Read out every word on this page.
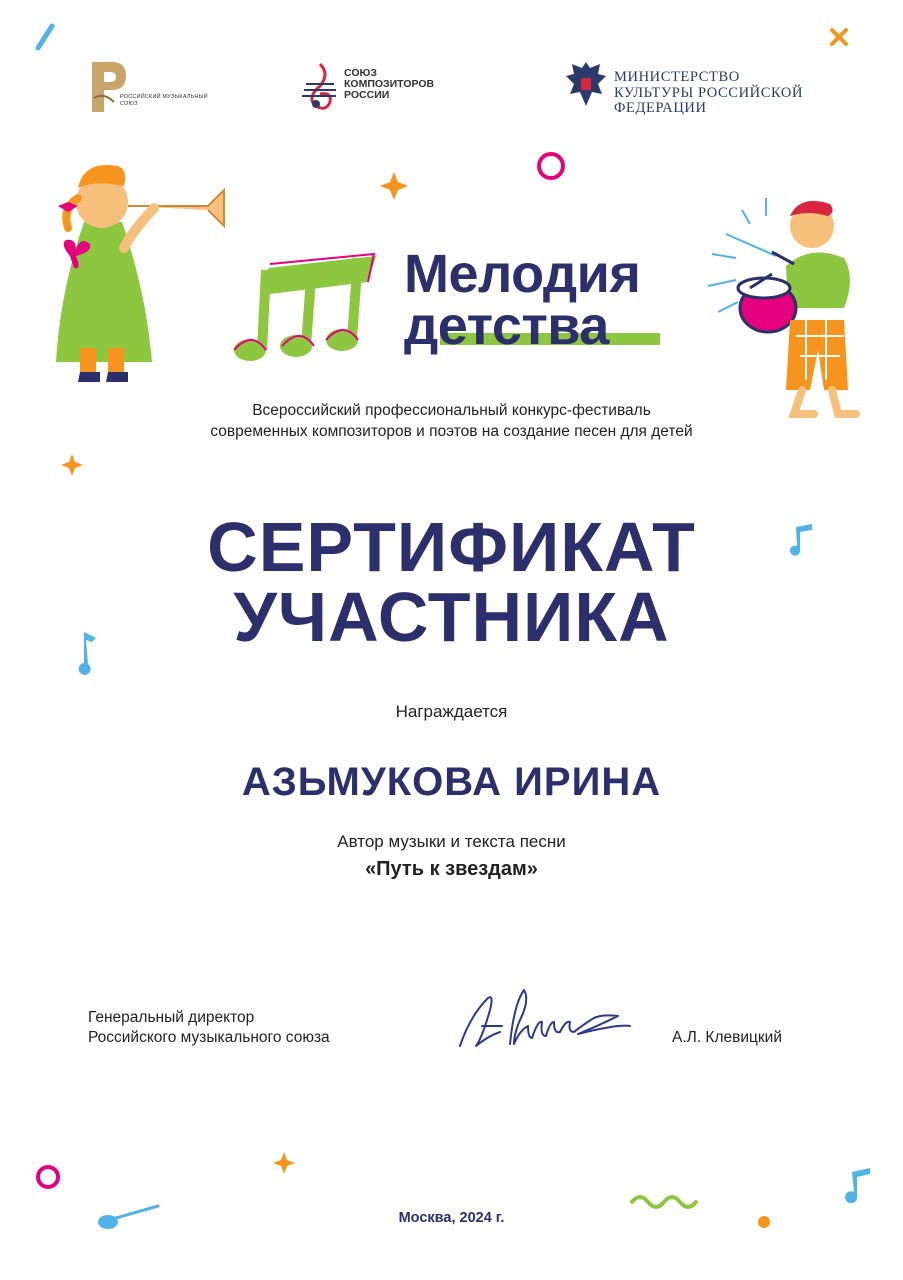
РОССИЙСКИЙ МУЗЫКАЛЬНЫЙ СОЮЗ
СОЮЗ КОМПОЗИТОРОВ РОССИИ
МИНИСТЕРСТВО КУЛЬТУРЫ РОССИЙСКОЙ ФЕДЕРАЦИИ
Мелодия
детства
Всероссийский профессиональный конкурс-фестиваль
современных композиторов и поэтов на создание песен для детей
СЕРТИФИКАТ
УЧАСТНИКА
Награждается
АЗЬМУКОВА ИРИНА
Автор музыки и текста песни
«Путь к звездам»
Генеральный директор
Российского музыкального союза	А.Л. Клевицкий
Москва, 2024 г.
